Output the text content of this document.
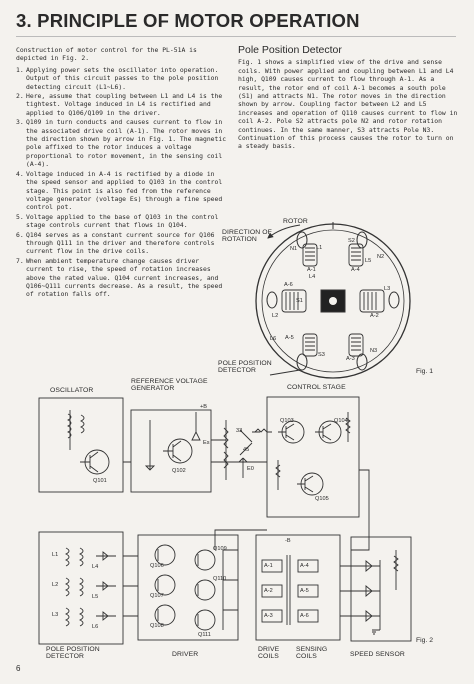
3. PRINCIPLE OF MOTOR OPERATION

Construction of motor control for the PL-51A is depicted in Fig. 2.

1. Applying power sets the oscillator into operation. Output of this circuit passes to the pole position detecting circuit (L1~L6).
2. Here, assume that coupling between L1 and L4 is the tightest. Voltage induced in L4 is rectified and applied to Q106/Q109 in the driver.
3. Q109 in turn conducts and causes current to flow in the associated drive coil (A-1). The rotor moves in the direction shown by arrow in Fig. 1. The magnetic pole affixed to the rotor induces a voltage proportional to rotor movement, in the sensing coil (A-4).
4. Voltage induced in A-4 is rectified by a diode in the speed sensor and applied to Q103 in the control stage. This point is also fed from the reference voltage generator (voltage Es) through a fine speed control pot.
5. Voltage applied to the base of Q103 in the control stage controls current that flows in Q104.
6. Q104 serves as a constant current source for Q106 through Q111 in the driver and therefore controls current flow in the drive coils.
7. When ambient temperature change causes driver current to rise, the speed of rotation increases above the rated value. Q104 current increases, and Q106~Q111 currents decrease. As a result, the speed of rotation falls off.
Pole Position Detector

Fig. 1 shows a simplified view of the drive and sense coils. With power applied and coupling between L1 and L4 high, Q109 causes current to flow through A-1. As a result, the rotor end of coil A-1 becomes a south pole (S1) and attracts N1. The rotor moves in the direction shown by arrow. Coupling factor between L2 and L5 increases and operation of Q110 causes current to flow in coil A-2. Pole S2 attracts pole N2 and rotor rotation continues. In the same manner, S3 attracts Pole N3. Continuation of this process causes the rotor to turn on a steady basis.

ROTOR
DIRECTION OF ROTATION
POLE POSITION DETECTOR	Fig. 1
L1
A-1
L4
A-4
L5
N2
N1
S2
L2
A-6
A-2
L3
L6 A-5
A-3
N3
S3
S1
OSCILLATOR
REFERENCE VOLTAGE GENERATOR	CONTROL STAGE
POLE POSITION DETECTOR	DRIVER
DRIVE COILS
SENSING COILS	SPEED SENSOR
Fig. 2
Q101
Q102
Q103	Q104
Q105
Q106
Q107
Q108
Q109
Q110
Q111
+B
Es
E0
33
45
-B
L1
L2
L3
L4
L5
L6
A-1
A-2
A-3
A-4
A-5
A-6
6
